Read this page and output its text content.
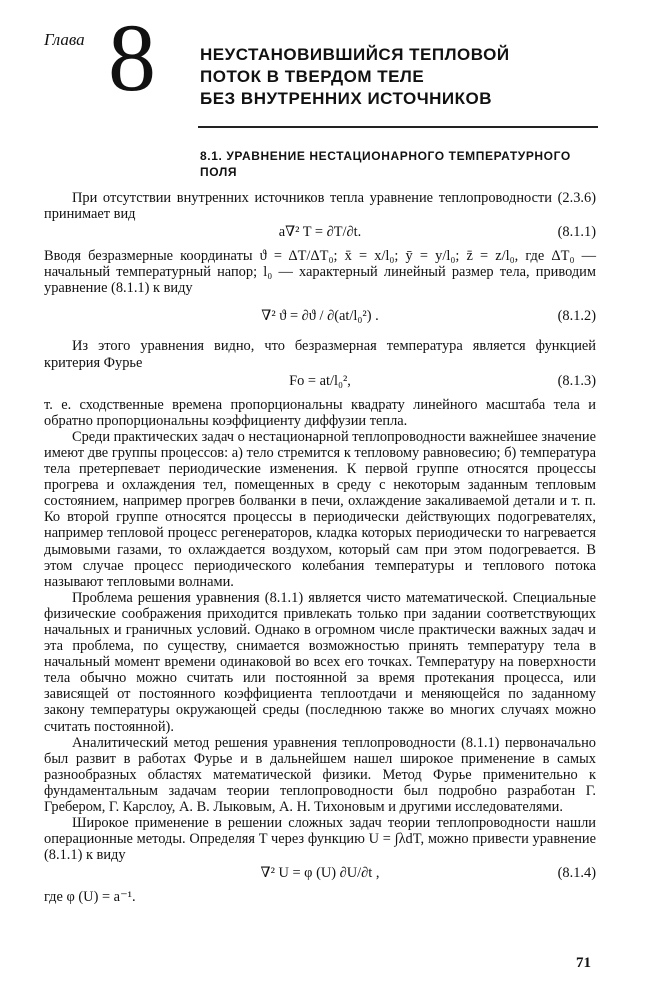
Глава 8	НЕУСТАНОВИВШИЙСЯ ТЕПЛОВОЙ
ПОТОК В ТВЕРДОМ ТЕЛЕ
БЕЗ ВНУТРЕННИХ ИСТОЧНИКОВ
8.1. УРАВНЕНИЕ НЕСТАЦИОНАРНОГО ТЕМПЕРАТУРНОГО
ПОЛЯ

При отсутствии внутренних источников тепла уравнение теплопроводности (2.3.6) принимает вид

a∇² T = ∂T/∂t.	(8.1.1)

Вводя безразмерные координаты ϑ = ΔT/ΔT₀; x̄ = x/l₀; ȳ = y/l₀; z̄ = z/l₀, где ΔT₀ — начальный температурный напор; l₀ — характерный линейный размер тела, приводим уравнение (8.1.1) к виду

∇² ϑ = ∂ϑ / ∂(at/l₀²) .	(8.1.2)

Из этого уравнения видно, что безразмерная температура является функцией критерия Фурье

Fo = at/l₀²,	(8.1.3)

т. е. сходственные времена пропорциональны квадрату линейного масштаба тела и обратно пропорциональны коэффициенту диффузии тепла.

Среди практических задач о нестационарной теплопроводности важнейшее значение имеют две группы процессов: а) тело стремится к тепловому равновесию; б) температура тела претерпевает периодические изменения. К первой группе относятся процессы прогрева и охлаждения тел, помещенных в среду с некоторым заданным тепловым состоянием, например прогрев болванки в печи, охлаждение закаливаемой детали и т. п. Ко второй группе относятся процессы в периодически действующих подогревателях, например тепловой процесс регенераторов, кладка которых периодически то нагревается дымовыми газами, то охлаждается воздухом, который сам при этом подогревается. В этом случае процесс периодического колебания температуры и теплового потока называют тепловыми волнами.

Проблема решения уравнения (8.1.1) является чисто математической. Специальные физические соображения приходится привлекать только при задании соответствующих начальных и граничных условий. Однако в огромном числе практически важных задач и эта проблема, по существу, снимается возможностью принять температуру тела в начальный момент времени одинаковой во всех его точках. Температуру на поверхности тела обычно можно считать или постоянной за время протекания процесса, или зависящей от постоянного коэффициента теплоотдачи и меняющейся по заданному закону температуры окружающей среды (последнюю также во многих случаях можно считать постоянной).

Аналитический метод решения уравнения теплопроводности (8.1.1) первоначально был развит в работах Фурье и в дальнейшем нашел широкое применение в самых разнообразных областях математической физики. Метод Фурье применительно к фундаментальным задачам теории теплопроводности был подробно разработан Г. Гребером, Г. Карслоу, А. В. Лыковым, А. Н. Тихоновым и другими исследователями.

Широкое применение в решении сложных задач теории теплопроводности нашли операционные методы. Определяя T через функцию U = ∫λdT, можно привести уравнение (8.1.1) к виду

∇² U = φ (U) ∂U/∂t ,	(8.1.4)

где φ (U) = a⁻¹.

71
